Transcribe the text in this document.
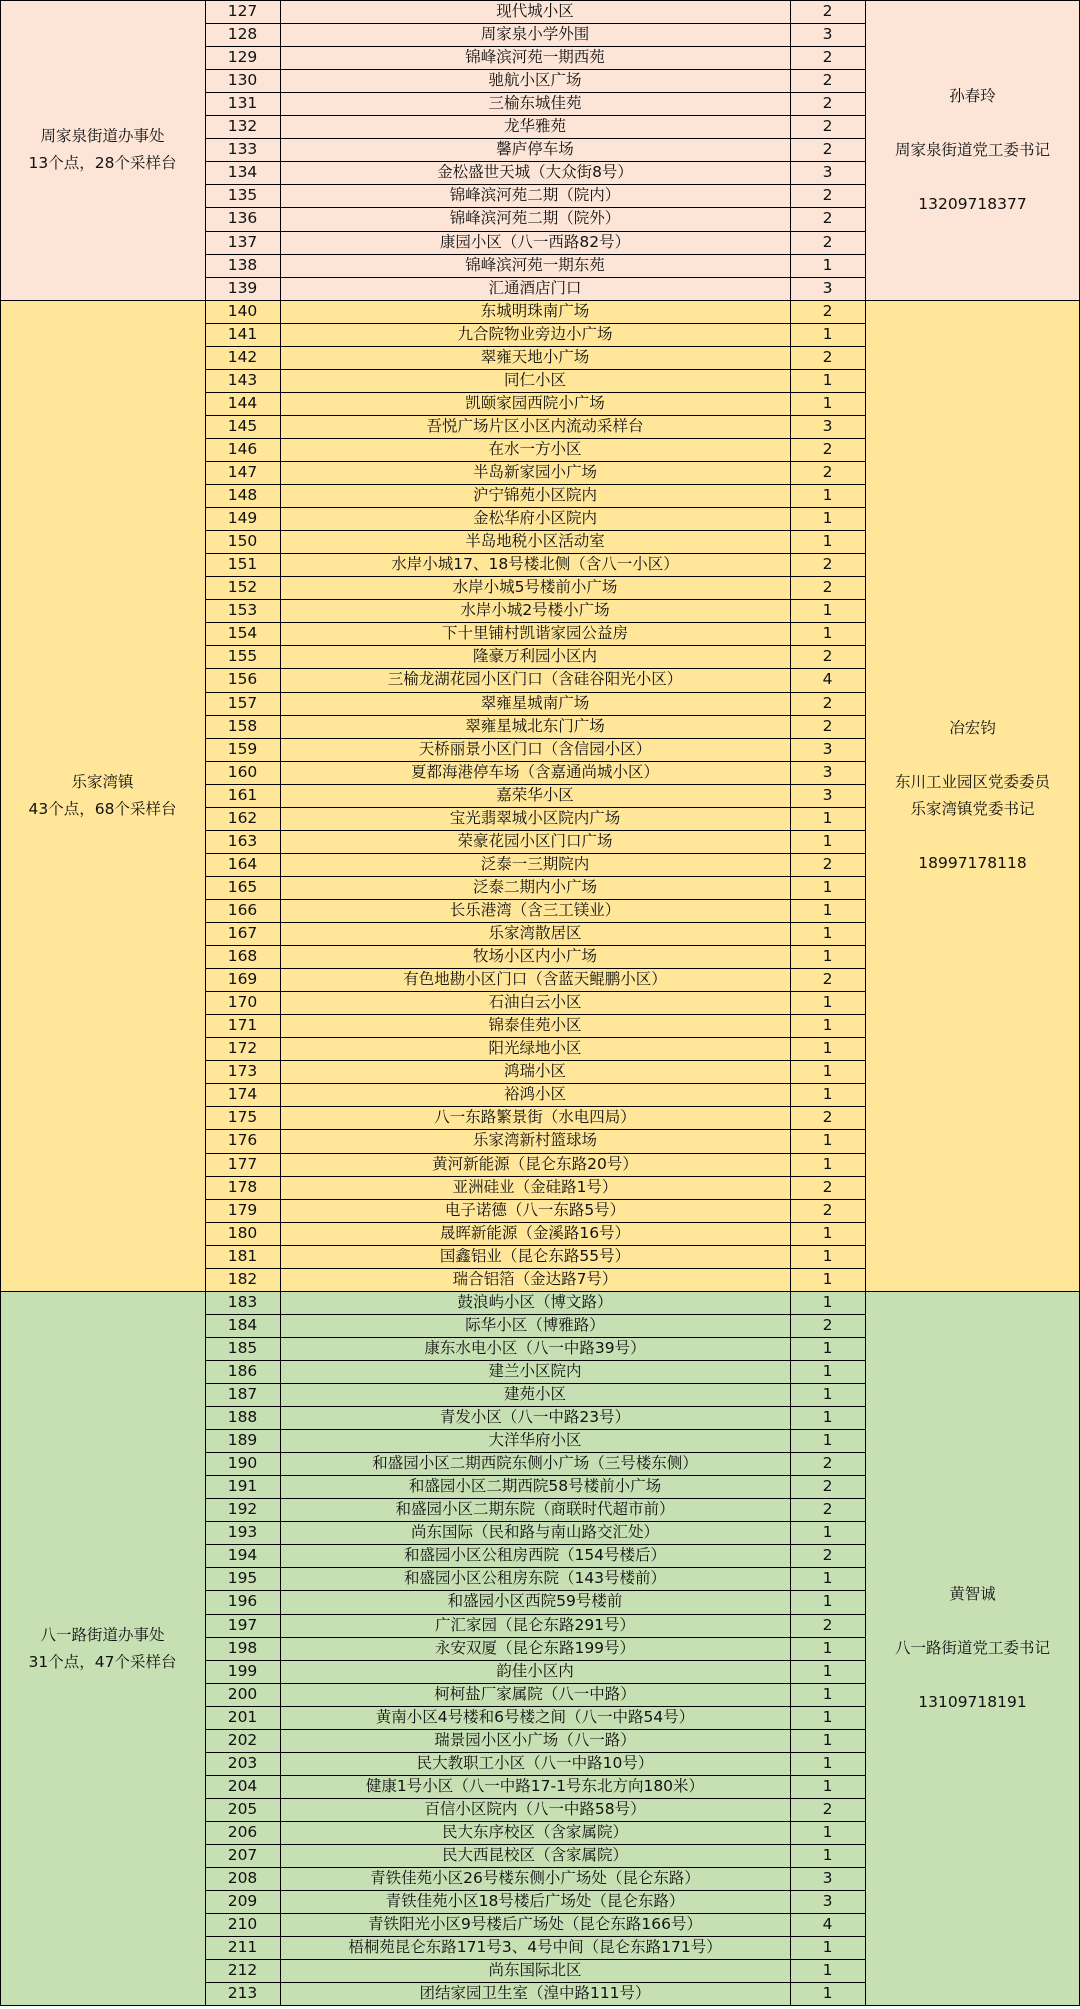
周家泉街道办事处
13个点，28个采样台
孙春玲
周家泉街道党工委书记
13209718377
127	现代城小区	2
128	周家泉小学外围	3
129	锦峰滨河苑一期西苑	2
130	驰航小区广场	2
131	三榆东城佳苑	2
132	龙华雅苑	2
133	馨庐停车场	2
134	金松盛世天城（大众街8号）	3
135	锦峰滨河苑二期（院内）	2
136	锦峰滨河苑二期（院外）	2
137	康园小区（八一西路82号）	2
138	锦峰滨河苑一期东苑	1
139	汇通酒店门口	3
乐家湾镇
43个点，68个采样台
冶宏钧
东川工业园区党委委员
乐家湾镇党委书记
18997178118
140	东城明珠南广场	2
141	九合院物业旁边小广场	1
142	翠雍天地小广场	2
143	同仁小区	1
144	凯颐家园西院小广场	1
145	吾悦广场片区小区内流动采样台	3
146	在水一方小区	2
147	半岛新家园小广场	2
148	沪宁锦苑小区院内	1
149	金松华府小区院内	1
150	半岛地税小区活动室	1
151	水岸小城17、18号楼北侧（含八一小区）	2
152	水岸小城5号楼前小广场	2
153	水岸小城2号楼小广场	1
154	下十里铺村凯谐家园公益房	1
155	隆豪万利园小区内	2
156	三榆龙湖花园小区门口（含硅谷阳光小区）	4
157	翠雍星城南广场	2
158	翠雍星城北东门广场	2
159	天桥丽景小区门口（含信园小区）	3
160	夏都海港停车场（含嘉通尚城小区）	3
161	嘉荣华小区	3
162	宝光翡翠城小区院内广场	1
163	荣豪花园小区门口广场	1
164	泛泰一三期院内	2
165	泛泰二期内小广场	1
166	长乐港湾（含三工镁业）	1
167	乐家湾散居区	1
168	牧场小区内小广场	1
169	有色地勘小区门口（含蓝天鲲鹏小区）	2
170	石油白云小区	1
171	锦泰佳苑小区	1
172	阳光绿地小区	1
173	鸿瑞小区	1
174	裕鸿小区	1
175	八一东路繁景街（水电四局）	2
176	乐家湾新村篮球场	1
177	黄河新能源（昆仑东路20号）	1
178	亚洲硅业（金硅路1号）	2
179	电子诺德（八一东路5号）	2
180	晟晖新能源（金溪路16号）	1
181	国鑫铝业（昆仑东路55号）	1
182	瑞合铝箔（金达路7号）	1
八一路街道办事处
31个点，47个采样台
黄智诚
八一路街道党工委书记
13109718191
183	鼓浪屿小区（博文路）	1
184	际华小区（博雅路）	2
185	康东水电小区（八一中路39号）	1
186	建兰小区院内	1
187	建苑小区	1
188	青发小区（八一中路23号）	1
189	大洋华府小区	1
190	和盛园小区二期西院东侧小广场（三号楼东侧）	2
191	和盛园小区二期西院58号楼前小广场	2
192	和盛园小区二期东院（商联时代超市前）	2
193	尚东国际（民和路与南山路交汇处）	1
194	和盛园小区公租房西院（154号楼后）	2
195	和盛园小区公租房东院（143号楼前）	1
196	和盛园小区西院59号楼前	1
197	广汇家园（昆仑东路291号）	2
198	永安双厦（昆仑东路199号）	1
199	韵佳小区内	1
200	柯柯盐厂家属院（八一中路）	1
201	黄南小区4号楼和6号楼之间（八一中路54号）	1
202	瑞景园小区小广场（八一路）	1
203	民大教职工小区（八一中路10号）	1
204	健康1号小区（八一中路17-1号东北方向180米）	1
205	百信小区院内（八一中路58号）	2
206	民大东序校区（含家属院）	1
207	民大西昆校区（含家属院）	1
208	青铁佳苑小区26号楼东侧小广场处（昆仑东路）	3
209	青铁佳苑小区18号楼后广场处（昆仑东路）	3
210	青铁阳光小区9号楼后广场处（昆仑东路166号）	4
211	梧桐苑昆仑东路171号3、4号中间（昆仑东路171号）	1
212	尚东国际北区	1
213	团结家园卫生室（湟中路111号）	1
